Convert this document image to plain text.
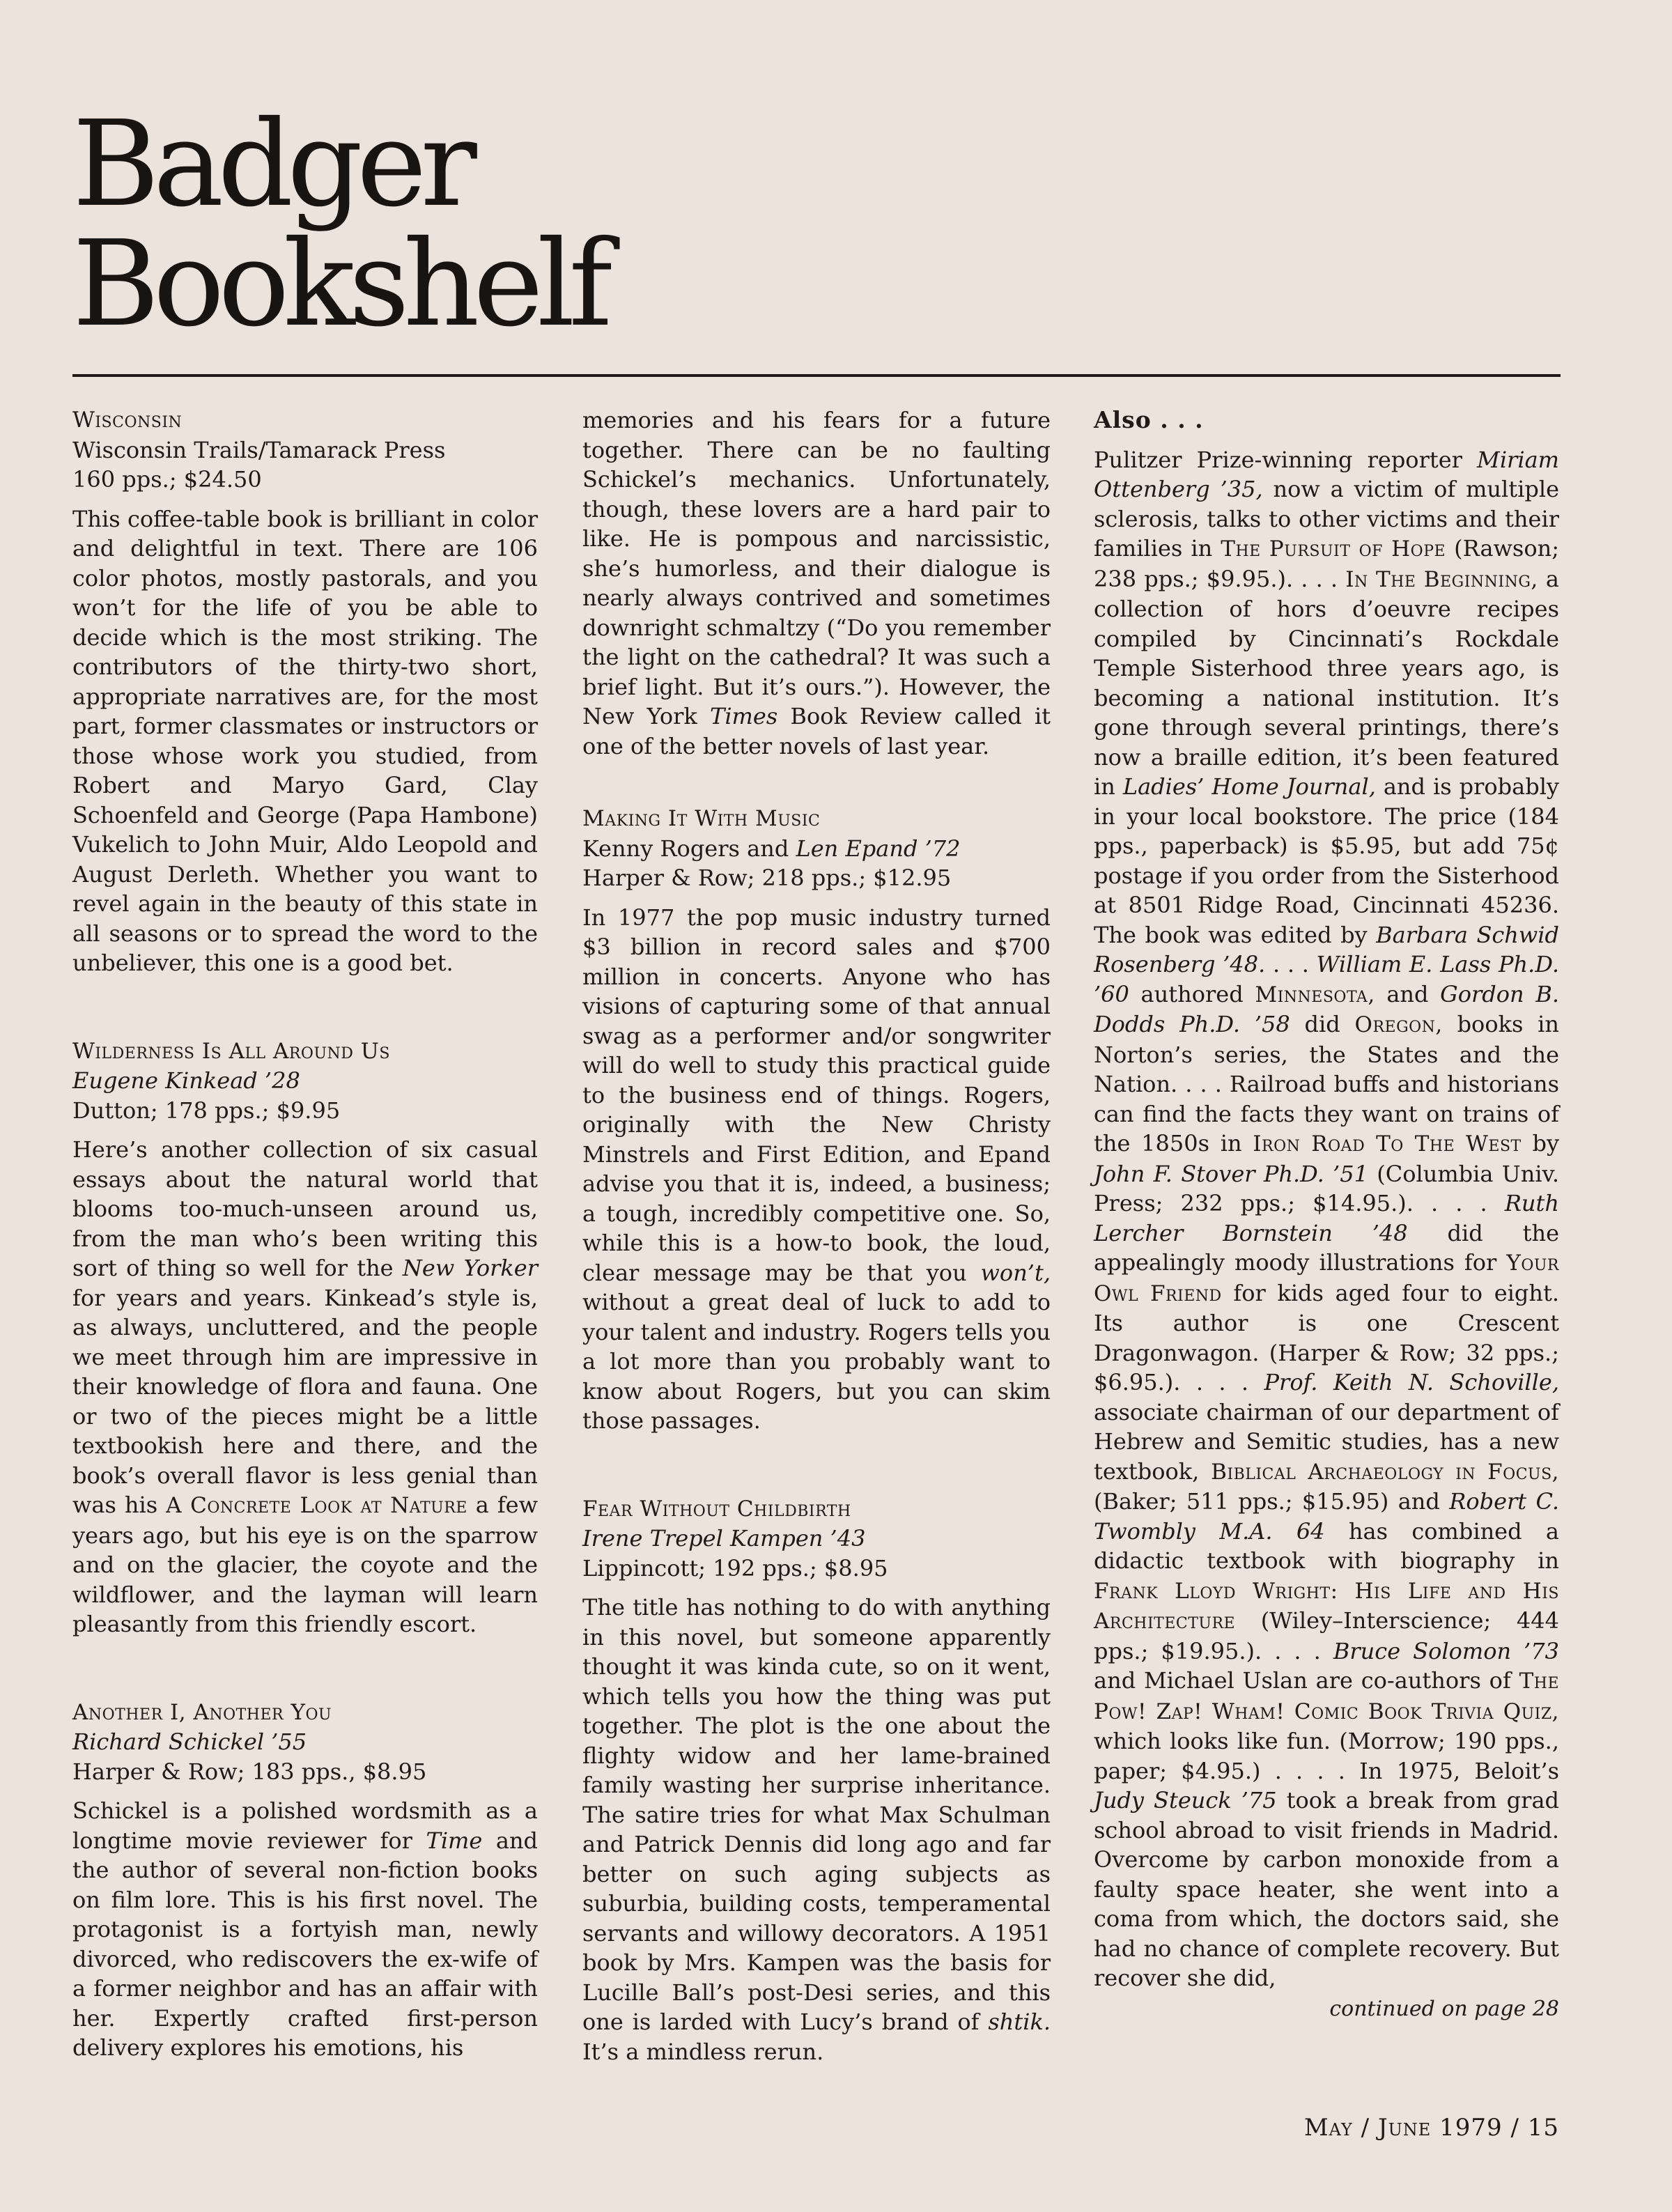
Badger
Bookshelf
Wisconsin
Wisconsin Trails/Tamarack Press
160 pps.; $24.50
This coffee-table book is brilliant in color and delightful in text. There are 106 color photos, mostly pastorals, and you won’t for the life of you be able to decide which is the most striking. The contributors of the thirty-two short, appropriate narratives are, for the most part, former classmates or instructors or those whose work you studied, from Robert and Maryo Gard, Clay Schoenfeld and George (Papa Hambone) Vukelich to John Muir, Aldo Leopold and August Derleth. Whether you want to revel again in the beauty of this state in all seasons or to spread the word to the unbeliever, this one is a good bet.
Wilderness Is All Around Us
Eugene Kinkead ’28
Dutton; 178 pps.; $9.95
Here’s another collection of six casual essays about the natural world that blooms too-much-unseen around us, from the man who’s been writing this sort of thing so well for the New Yorker for years and years. Kinkead’s style is, as always, uncluttered, and the people we meet through him are impressive in their knowledge of flora and fauna. One or two of the pieces might be a little textbookish here and there, and the book’s overall flavor is less genial than was his A Concrete Look at Nature a few years ago, but his eye is on the sparrow and on the glacier, the coyote and the wildflower, and the layman will learn pleasantly from this friendly escort.
Another I, Another You
Richard Schickel ’55
Harper & Row; 183 pps., $8.95
Schickel is a polished wordsmith as a longtime movie reviewer for Time and the author of several non-fiction books on film lore. This is his first novel. The protagonist is a fortyish man, newly divorced, who rediscovers the ex-wife of a former neighbor and has an affair with her. Expertly crafted first-person delivery explores his emotions, his
memories and his fears for a future together. There can be no faulting Schickel’s mechanics. Unfortunately, though, these lovers are a hard pair to like. He is pompous and narcissistic, she’s humorless, and their dialogue is nearly always contrived and sometimes downright schmaltzy (“Do you remember the light on the cathedral? It was such a brief light. But it’s ours.”). However, the New York Times Book Review called it one of the better novels of last year.
Making It With Music
Kenny Rogers and Len Epand ’72
Harper & Row; 218 pps.; $12.95
In 1977 the pop music industry turned $3 billion in record sales and $700 million in concerts. Anyone who has visions of capturing some of that annual swag as a performer and/or songwriter will do well to study this practical guide to the business end of things. Rogers, originally with the New Christy Minstrels and First Edition, and Epand advise you that it is, indeed, a business; a tough, incredibly competitive one. So, while this is a how-to book, the loud, clear message may be that you won’t, without a great deal of luck to add to your talent and industry. Rogers tells you a lot more than you probably want to know about Rogers, but you can skim those passages.
Fear Without Childbirth
Irene Trepel Kampen ’43
Lippincott; 192 pps.; $8.95
The title has nothing to do with anything in this novel, but someone apparently thought it was kinda cute, so on it went, which tells you how the thing was put together. The plot is the one about the flighty widow and her lame-brained family wasting her surprise inheritance. The satire tries for what Max Schulman and Patrick Dennis did long ago and far better on such aging subjects as suburbia, building costs, temperamental servants and willowy decorators. A 1951 book by Mrs. Kampen was the basis for Lucille Ball’s post-Desi series, and this one is larded with Lucy’s brand of shtik. It’s a mindless rerun.
Also . . .
Pulitzer Prize-winning reporter Miriam Ottenberg ’35, now a victim of multiple sclerosis, talks to other victims and their families in The Pursuit of Hope (Rawson; 238 pps.; $9.95.). . . . In The Beginning, a collection of hors d’oeuvre recipes compiled by Cincinnati’s Rockdale Temple Sisterhood three years ago, is becoming a national institution. It’s gone through several printings, there’s now a braille edition, it’s been featured in Ladies’ Home Journal, and is probably in your local bookstore. The price (184 pps., paperback) is $5.95, but add 75¢ postage if you order from the Sisterhood at 8501 Ridge Road, Cincinnati 45236. The book was edited by Barbara Schwid Rosenberg ’48. . . . William E. Lass Ph.D. ’60 authored Minnesota, and Gordon B. Dodds Ph.D. ’58 did Oregon, books in Norton’s series, the States and the Nation. . . . Railroad buffs and historians can find the facts they want on trains of the 1850s in Iron Road To The West by John F. Stover Ph.D. ’51 (Columbia Univ. Press; 232 pps.; $14.95.). . . . Ruth Lercher Bornstein ’48 did the appealingly moody illustrations for Your Owl Friend for kids aged four to eight. Its author is one Crescent Dragonwagon. (Harper & Row; 32 pps.; $6.95.). . . . Prof. Keith N. Schoville, associate chairman of our department of Hebrew and Semitic studies, has a new textbook, Biblical Archaeology in Focus, (Baker; 511 pps.; $15.95) and Robert C. Twombly M.A. 64 has combined a didactic textbook with biography in Frank Lloyd Wright: His Life and His Architecture (Wiley–Interscience; 444 pps.; $19.95.). . . . Bruce Solomon ’73 and Michael Uslan are co-authors of The Pow! Zap! Wham! Comic Book Trivia Quiz, which looks like fun. (Morrow; 190 pps., paper; $4.95.) . . . . In 1975, Beloit’s Judy Steuck ’75 took a break from grad school abroad to visit friends in Madrid. Overcome by carbon monoxide from a faulty space heater, she went into a coma from which, the doctors said, she had no chance of complete recovery. But recover she did,
continued on page 28
May / June 1979 / 15
